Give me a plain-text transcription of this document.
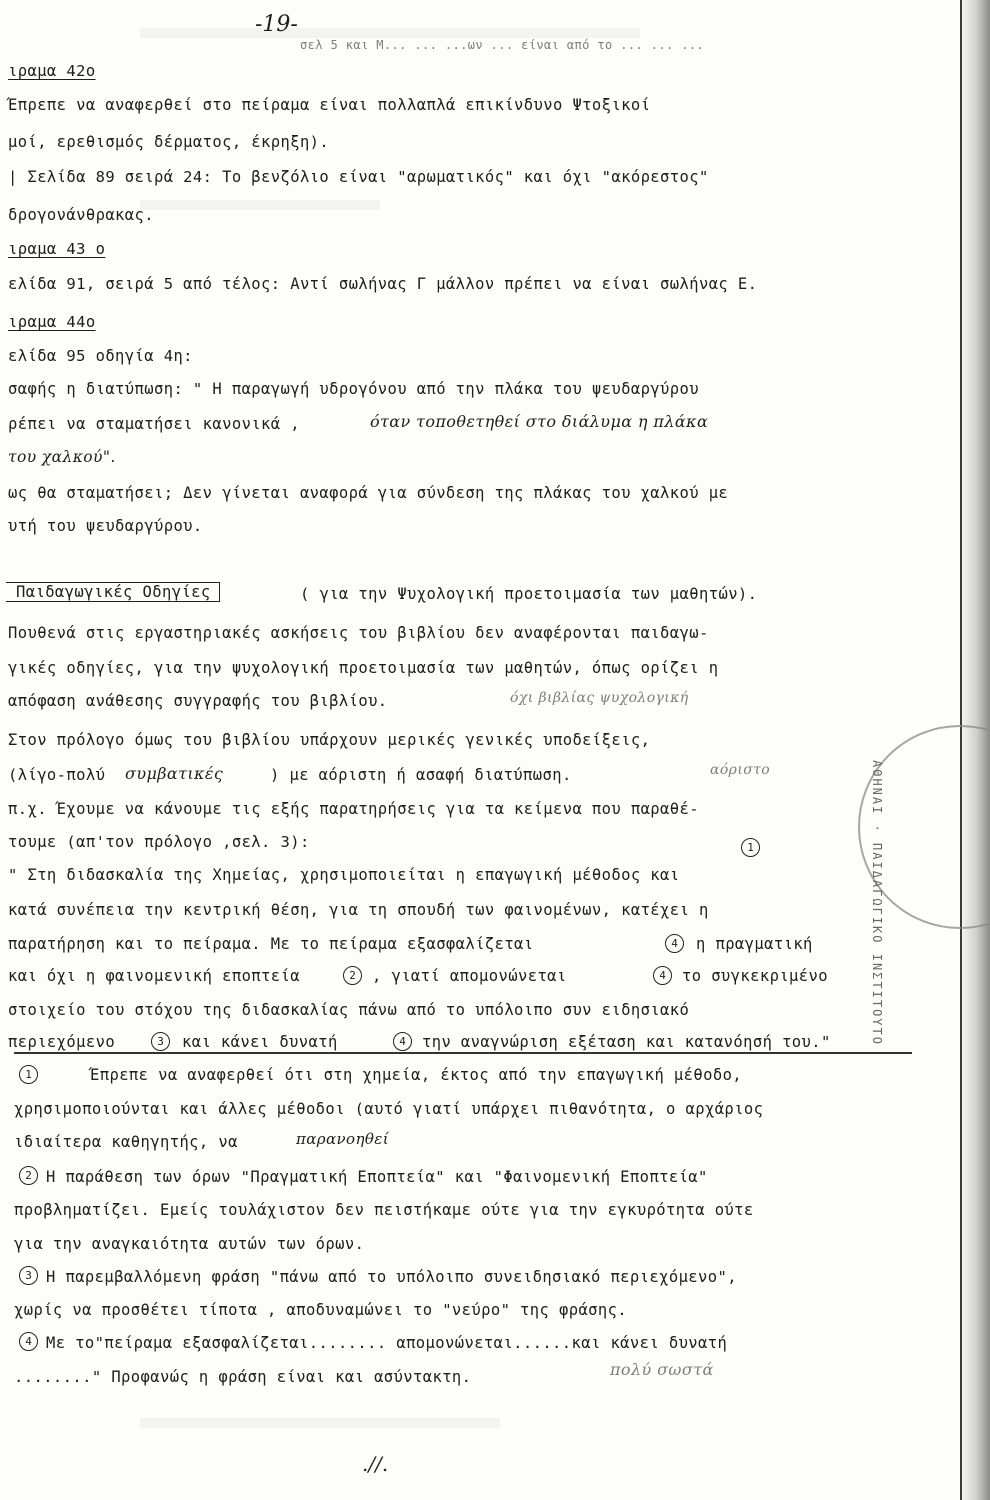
-19-
σελ 5 και Μ... ... ...ων ... είναι από το ... ... ...
ιραμα 42ο
Έπρεπε να αναφερθεί στο πείραμα είναι πολλαπλά επικίνδυνο Ψτοξικοί
μοί, ερεθισμός δέρματος, έκρηξη).
| Σελίδα 89 σειρά 24: Το βενζόλιο είναι "αρωματικός" και όχι "ακόρεστος"
δρογονάνθρακας.
ιραμα 43 ο
ελίδα 91, σειρά 5 από τέλος: Αντί σωλήνας Γ μάλλον πρέπει να είναι σωλήνας Ε.
ιραμα 44ο
ελίδα 95 οδηγία 4η:
σαφής η διατύπωση: " Η παραγωγή υδρογόνου από την πλάκα του ψευδαργύρου
ρέπει να σταματήσει κανονικά ,	όταν τοποθετηθεί στο διάλυμα η πλάκα
του χαλκού".
ως θα σταματήσει; Δεν γίνεται αναφορά για σύνδεση της πλάκας του χαλκού με
υτή του ψευδαργύρου.
Παιδαγωγικές Οδηγίες	( για την Ψυχολογική προετοιμασία των μαθητών).
Πουθενά στις εργαστηριακές ασκήσεις του βιβλίου δεν αναφέρονται παιδαγω-
γικές οδηγίες, για την ψυχολογική προετοιμασία των μαθητών, όπως ορίζει η
απόφαση ανάθεσης συγγραφής του βιβλίου.	όχι βιβλίας ψυχολογική
Στον πρόλογο όμως του βιβλίου υπάρχουν μερικές γενικές υποδείξεις,
(λίγο-πολύ συμβατικές	) με αόριστη ή ασαφή διατύπωση.	αόριστο
π.χ. Έχουμε να κάνουμε τις εξής παρατηρήσεις για τα κείμενα που παραθέ-
τουμε (απ'τον πρόλογο ,σελ. 3):	ΑΘΗΝΑΙ · ΠΑΙΔΑΓΩΓΙΚΟ ΙΝΣΤΙΤΟΥΤΟ
" Στη διδασκαλία της Χημείας, χρησιμοποιείται η επαγωγική μέθοδος και
1
κατά συνέπεια την κεντρική θέση, για τη σπουδή των φαινομένων, κατέχει η
παρατήρηση και το πείραμα. Με το πείραμα εξασφαλίζεται	4	η πραγματική
και όχι η φαινομενική εποπτεία	2	, γιατί απομονώνεται	4	το συγκεκριμένο
στοιχείο του στόχου της διδασκαλίας πάνω από το υπόλοιπο συν ειδησιακό
περιεχόμενο	3	και κάνει δυνατή	4	την αναγνώριση εξέταση και κατανόησή του."
1	Έπρεπε να αναφερθεί ότι στη χημεία, έκτος από την επαγωγική μέθοδο,
χρησιμοποιούνται και άλλες μέθοδοι (αυτό γιατί υπάρχει πιθανότητα, ο αρχάριος
ιδιαίτερα καθηγητής, να	παρανοηθεί
2 Η παράθεση των όρων "Πραγματική Εποπτεία" και "Φαινομενική Εποπτεία"
προβληματίζει. Εμείς τουλάχιστον δεν πειστήκαμε ούτε για την εγκυρότητα ούτε
για την αναγκαιότητα αυτών των όρων.
3 Η παρεμβαλλόμενη φράση "πάνω από το υπόλοιπο συνειδησιακό περιεχόμενο",
χωρίς να προσθέτει τίποτα , αποδυναμώνει το "νεύρο" της φράσης.
4 Με το"πείραμα εξασφαλίζεται........ απομονώνεται......και κάνει δυνατή
........" Προφανώς η φράση είναι και ασύντακτη.	πολύ σωστά
.//.
